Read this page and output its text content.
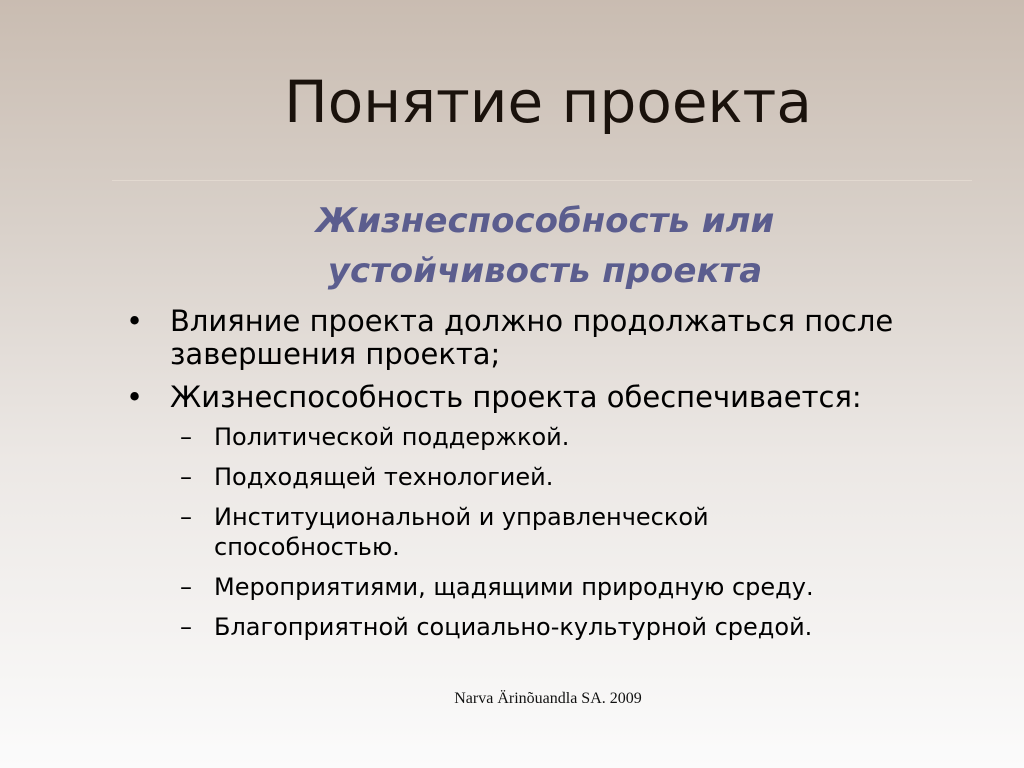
Понятие проекта
Жизнеспособность или
устойчивость проекта
• Влияние проекта должно продолжаться после завершения проекта;
• Жизнеспособность проекта обеспечивается:
– Политической поддержкой.
– Подходящей технологией.
– Институциональной и управленческой способностью.
– Мероприятиями, щадящими природную среду.
– Благоприятной социально-культурной средой.
Narva Ärinõuandla SA. 2009
